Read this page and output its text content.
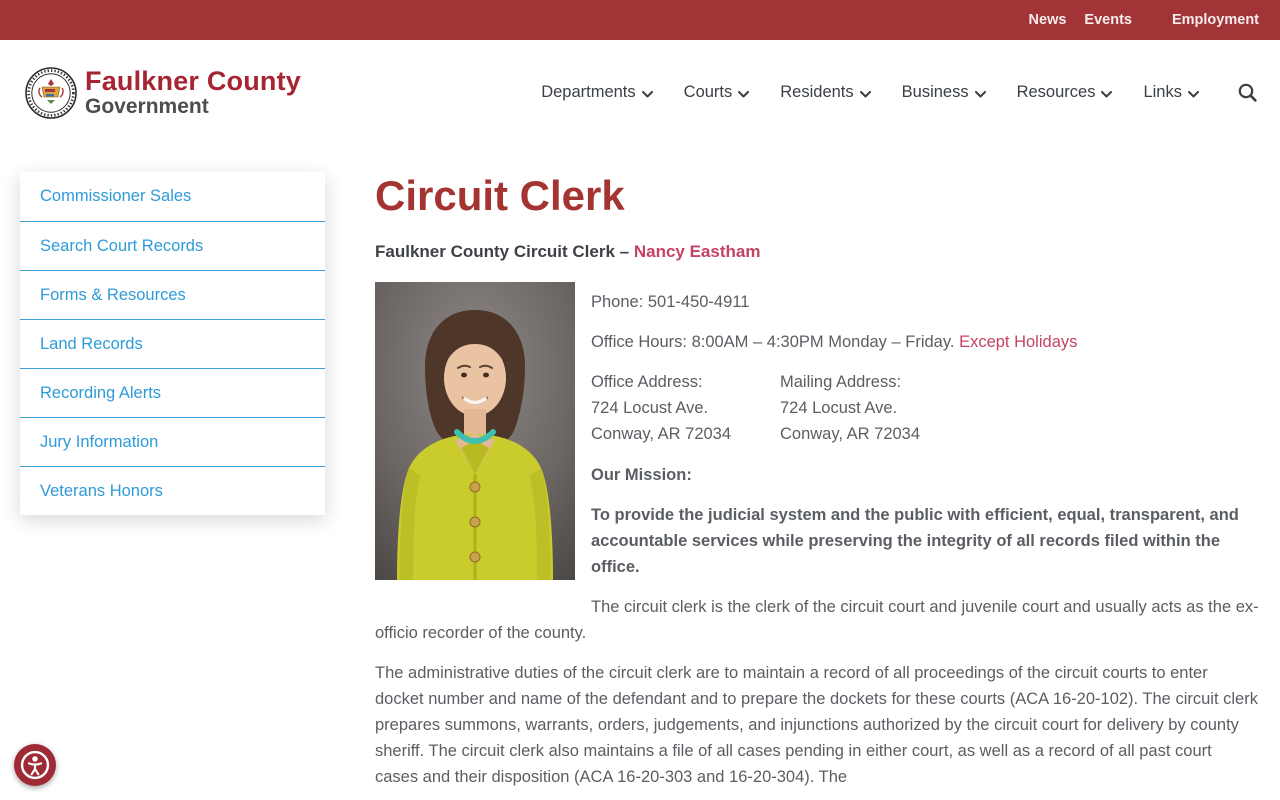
News Events	Employment
Faulkner County
Government
Departments	Courts	Residents	Business	Resources	Links
Commissioner Sales
Search Court Records
Forms & Resources
Land Records
Recording Alerts
Jury Information
Veterans Honors
Circuit Clerk
Faulkner County Circuit Clerk – Nancy Eastham

Phone: 501-450-4911

Office Hours: 8:00AM – 4:30PM Monday – Friday. Except Holidays

Office Address:

724 Locust Ave.

Conway, AR 72034

Mailing Address:

724 Locust Ave.

Conway, AR 72034

Our Mission:

To provide the judicial system and the public with efficient, equal, transparent, and accountable services while preserving the integrity of all records filed within the office.

The circuit clerk is the clerk of the circuit court and juvenile court and usually acts as the ex-officio recorder of the county.

The administrative duties of the circuit clerk are to maintain a record of all proceedings of the circuit courts to enter docket number and name of the defendant and to prepare the dockets for these courts (ACA 16-20-102). The circuit clerk prepares summons, warrants, orders, judgements, and injunctions authorized by the circuit court for delivery by county sheriff. The circuit clerk also maintains a file of all cases pending in either court, as well as a record of all past court cases and their disposition (ACA 16-20-303 and 16-20-304). The
